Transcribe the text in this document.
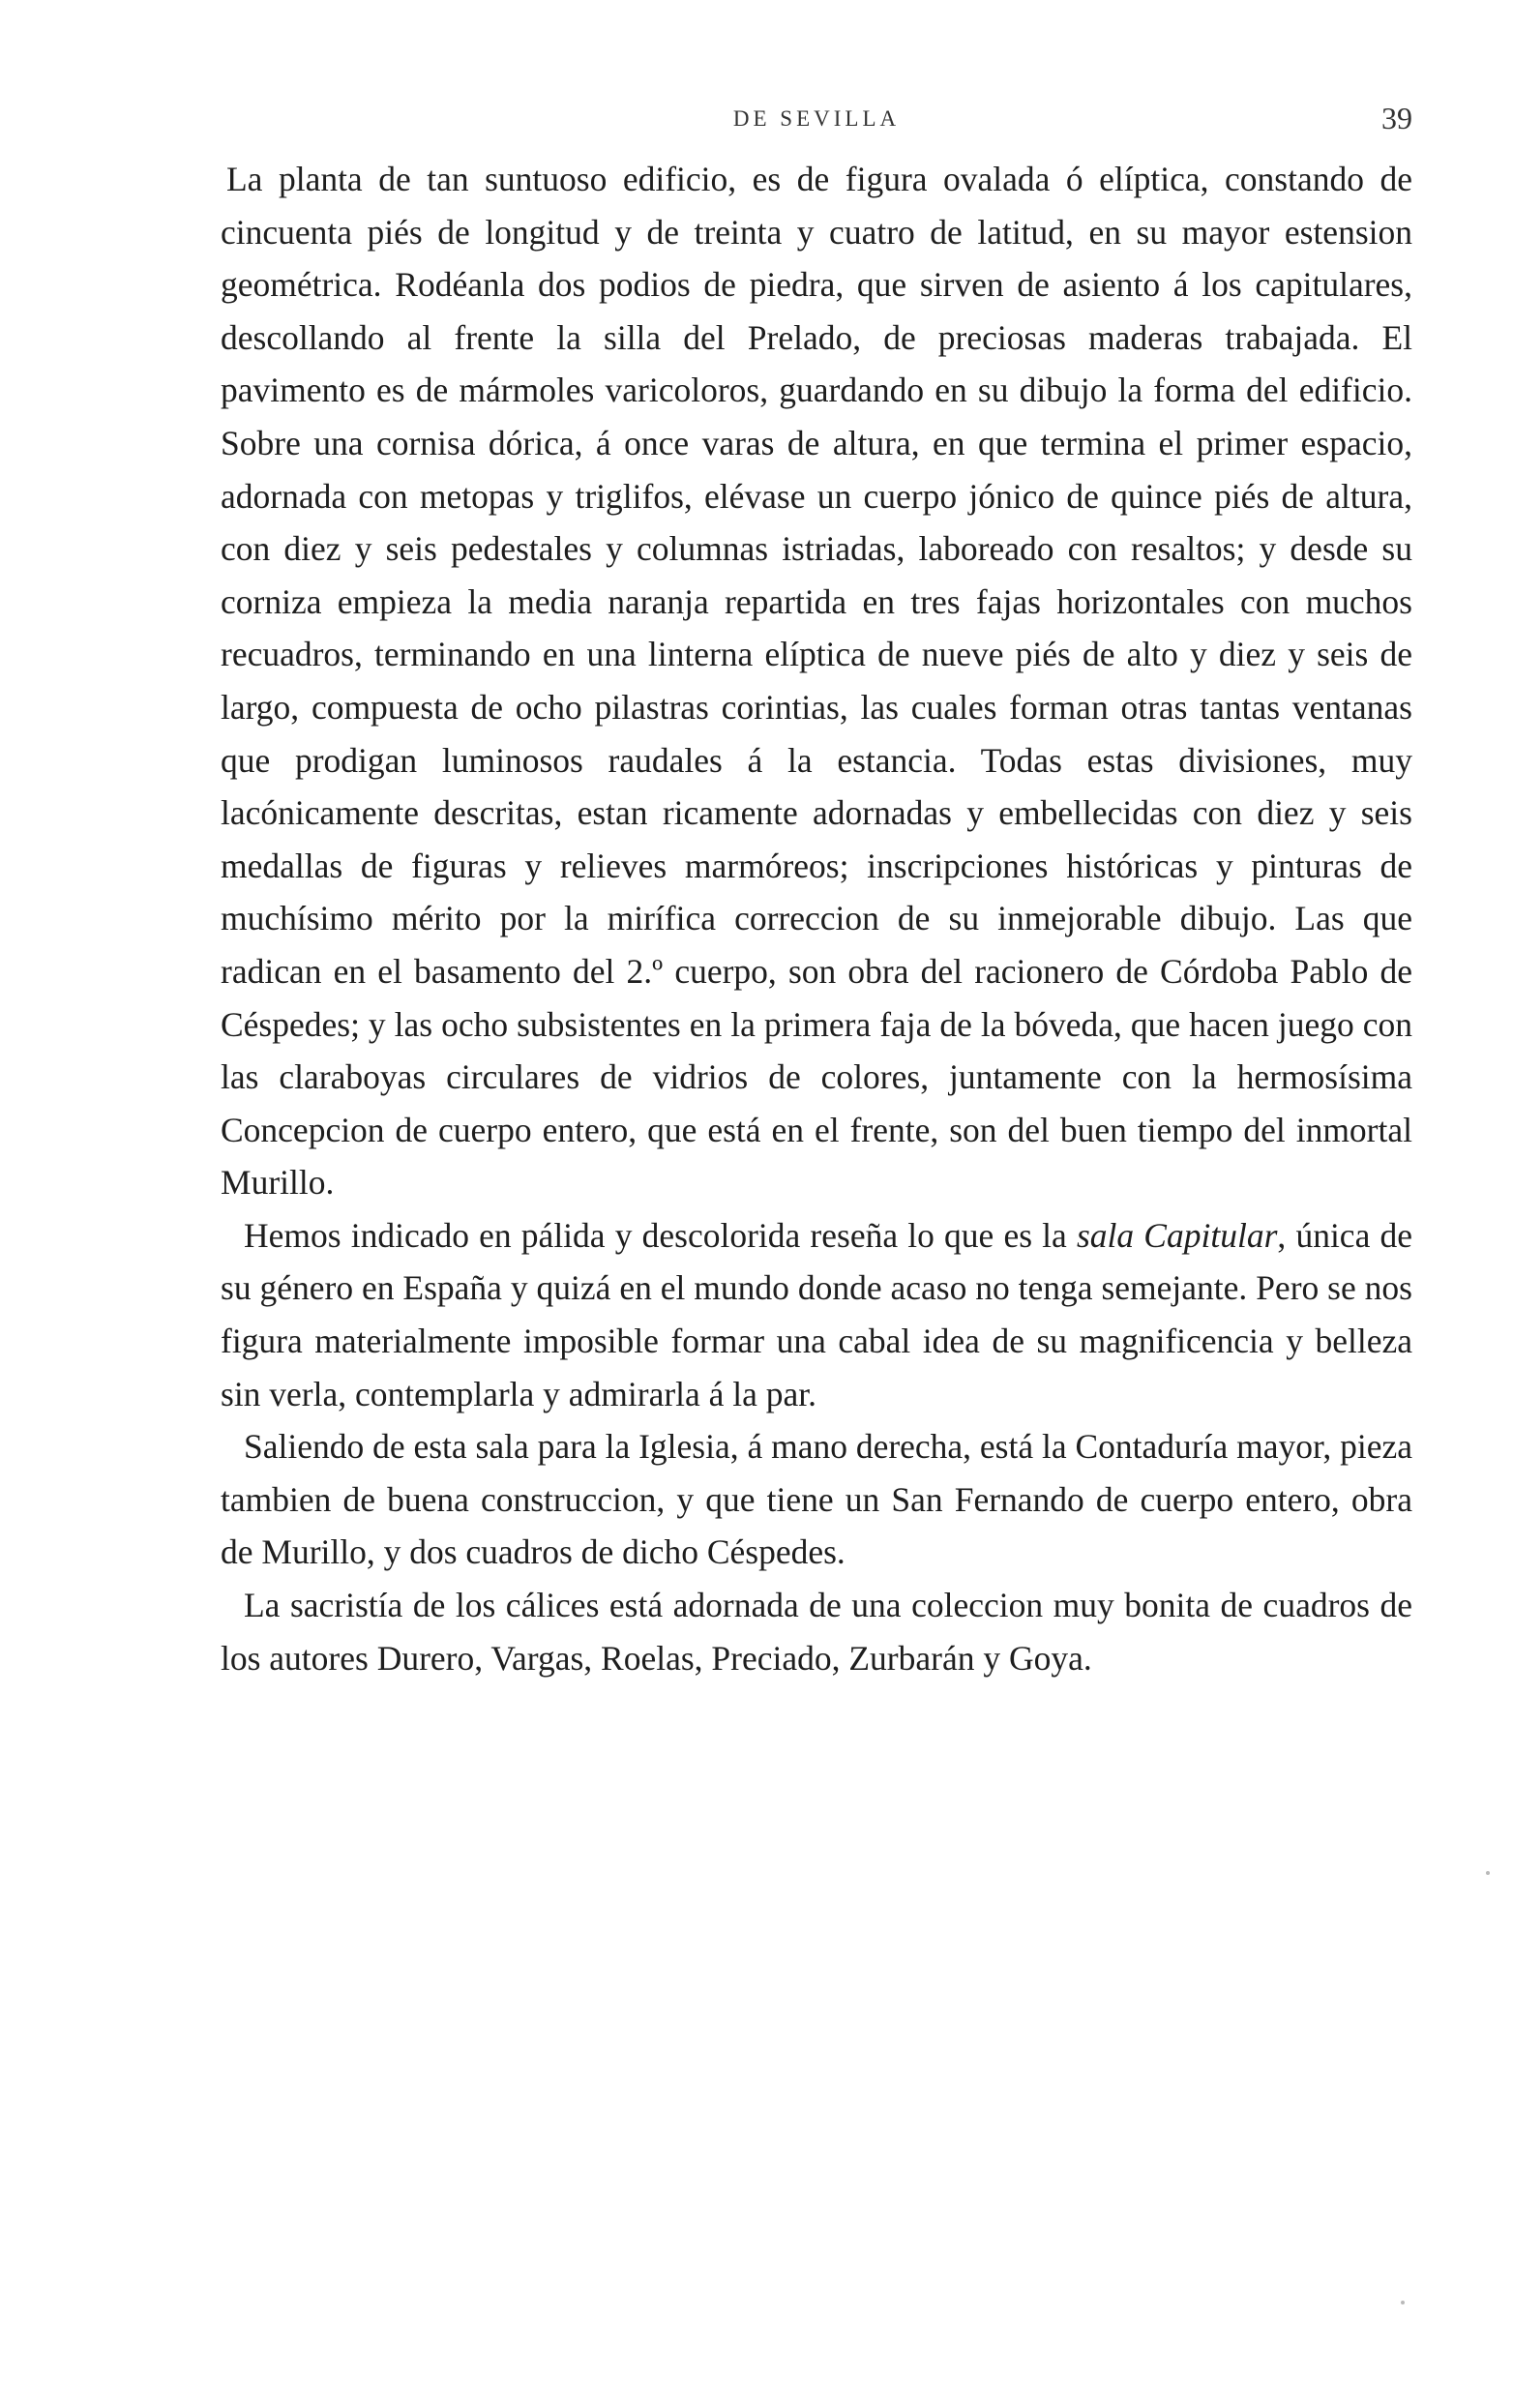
DE SEVILLA	39

La planta de tan suntuoso edificio, es de figura ovalada ó elíptica, constando de cincuenta piés de longitud y de treinta y cuatro de latitud, en su mayor estension geométrica. Rodéanla dos podios de piedra, que sirven de asiento á los capitulares, descollando al frente la silla del Prelado, de preciosas maderas trabajada. El pavimento es de mármoles varicoloros, guardando en su dibujo la forma del edificio. Sobre una cornisa dórica, á once varas de altura, en que termina el primer espacio, adornada con metopas y triglifos, elévase un cuerpo jónico de quince piés de altura, con diez y seis pedestales y columnas istriadas, laboreado con resaltos; y desde su corniza empieza la media naranja repartida en tres fajas horizontales con muchos recuadros, terminando en una linterna elíptica de nueve piés de alto y diez y seis de largo, compuesta de ocho pilastras corintias, las cuales forman otras tantas ventanas que prodigan luminosos raudales á la estancia. Todas estas divisiones, muy lacónicamente descritas, estan ricamente adornadas y embellecidas con diez y seis medallas de figuras y relieves marmóreos; inscripciones históricas y pinturas de muchísimo mérito por la mirífica correccion de su inmejorable dibujo. Las que radican en el basamento del 2.º cuerpo, son obra del racionero de Córdoba Pablo de Céspedes; y las ocho subsistentes en la primera faja de la bóveda, que hacen juego con las claraboyas circulares de vidrios de colores, juntamente con la hermosísima Concepcion de cuerpo entero, que está en el frente, son del buen tiempo del inmortal Murillo.

Hemos indicado en pálida y descolorida reseña lo que es la sala Capitular, única de su género en España y quizá en el mundo donde acaso no tenga semejante. Pero se nos figura materialmente imposible formar una cabal idea de su magnificencia y belleza sin verla, contemplarla y admirarla á la par.

Saliendo de esta sala para la Iglesia, á mano derecha, está la Contaduría mayor, pieza tambien de buena construccion, y que tiene un San Fernando de cuerpo entero, obra de Murillo, y dos cuadros de dicho Céspedes.

La sacristía de los cálices está adornada de una coleccion muy bonita de cuadros de los autores Durero, Vargas, Roelas, Preciado, Zurbarán y Goya.
